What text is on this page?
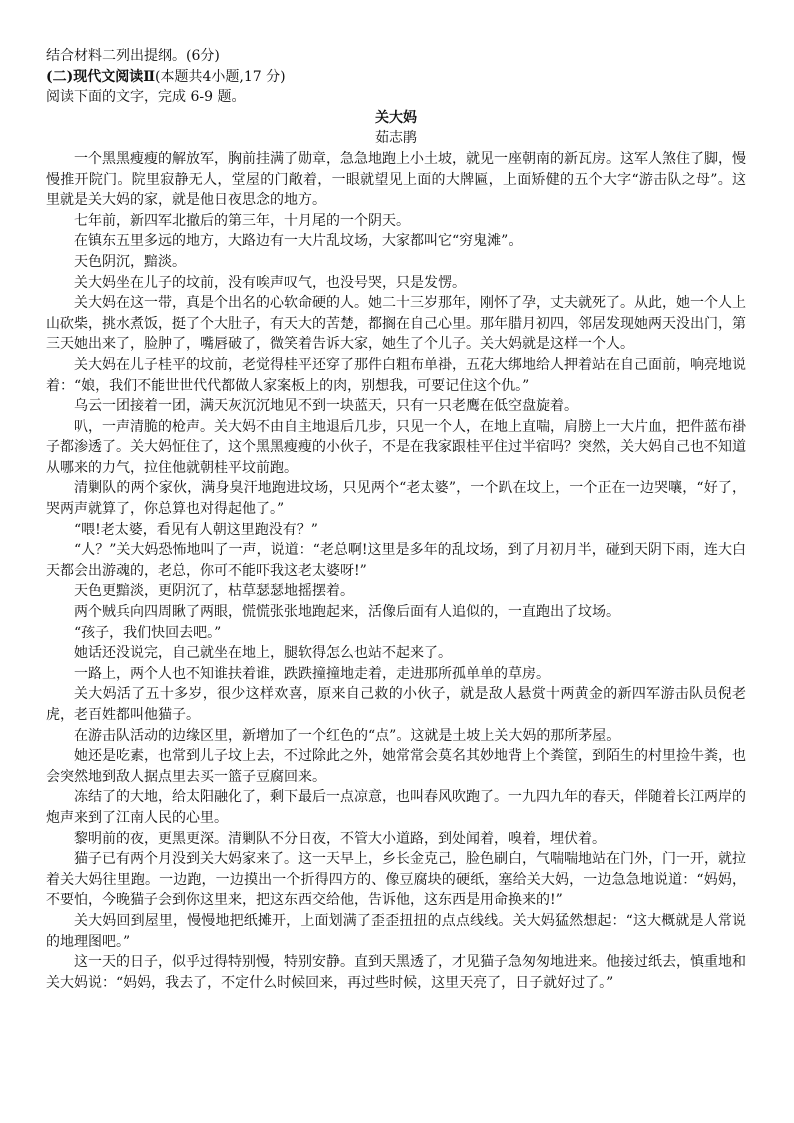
结合材料二列出提纲。(6分)

(二)现代文阅读Ⅱ(本题共4小题,17 分)

阅读下面的文字，完成 6-9 题。

关大妈

茹志鹃

一个黑黑瘦瘦的解放军，胸前挂满了勋章，急急地跑上小土坡，就见一座朝南的新瓦房。这军人煞住了脚，慢慢推开院门。院里寂静无人，堂屋的门敞着，一眼就望见上面的大牌匾，上面矫健的五个大字“游击队之母”。这里就是关大妈的家，就是他日夜思念的地方。

七年前，新四军北撤后的第三年，十月尾的一个阴天。

在镇东五里多远的地方，大路边有一大片乱坟场，大家都叫它“穷鬼滩”。

天色阴沉，黯淡。

关大妈坐在儿子的坟前，没有唉声叹气，也没号哭，只是发愣。

关大妈在这一带，真是个出名的心软命硬的人。她二十三岁那年，刚怀了孕，丈夫就死了。从此，她一个人上山砍柴，挑水煮饭，挺了个大肚子，有天大的苦楚，都搁在自己心里。那年腊月初四，邻居发现她两天没出门，第三天她出来了，脸肿了，嘴唇破了，微笑着告诉大家，她生了个儿子。关大妈就是这样一个人。

关大妈在儿子桂平的坟前，老觉得桂平还穿了那件白粗布单褂，五花大绑地给人押着站在自己面前，响亮地说着：“娘，我们不能世世代代都做人家案板上的肉，别想我，可要记住这个仇。”

乌云一团接着一团，满天灰沉沉地见不到一块蓝天，只有一只老鹰在低空盘旋着。

叭，一声清脆的枪声。关大妈不由自主地退后几步，只见一个人，在地上直喘，肩膀上一大片血，把件蓝布褂子都渗透了。关大妈怔住了，这个黑黑瘦瘦的小伙子，不是在我家跟桂平住过半宿吗？突然，关大妈自己也不知道从哪来的力气，拉住他就朝桂平坟前跑。

清剿队的两个家伙，满身臭汗地跑进坟场，只见两个“老太婆”，一个趴在坟上，一个正在一边哭嚷，“好了，哭两声就算了，你总算也对得起他了。”

“喂!老太婆，看见有人朝这里跑没有？”

“人？”关大妈恐怖地叫了一声，说道：“老总啊!这里是多年的乱坟场，到了月初月半，碰到天阴下雨，连大白天都会出游魂的，老总，你可不能吓我这老太婆呀!”

天色更黯淡，更阴沉了，枯草瑟瑟地摇摆着。

两个贼兵向四周瞅了两眼，慌慌张张地跑起来，活像后面有人追似的，一直跑出了坟场。

“孩子，我们快回去吧。”

她话还没说完，自己就坐在地上，腿软得怎么也站不起来了。

一路上，两个人也不知谁扶着谁，跌跌撞撞地走着，走进那所孤单单的草房。

关大妈活了五十多岁，很少这样欢喜，原来自己救的小伙子，就是敌人悬赏十两黄金的新四军游击队员倪老虎，老百姓都叫他猫子。

在游击队活动的边缘区里，新增加了一个红色的“点”。这就是土坡上关大妈的那所茅屋。

她还是吃素，也常到儿子坟上去，不过除此之外，她常常会莫名其妙地背上个粪筐，到陌生的村里捡牛粪，也会突然地到敌人据点里去买一篮子豆腐回来。

冻结了的大地，给太阳融化了，剩下最后一点凉意，也叫春风吹跑了。一九四九年的春天，伴随着长江两岸的炮声来到了江南人民的心里。

黎明前的夜，更黑更深。清剿队不分日夜，不管大小道路，到处闻着，嗅着，埋伏着。

猫子已有两个月没到关大妈家来了。这一天早上，乡长金克己，脸色刷白，气喘喘地站在门外，门一开，就拉着关大妈往里跑。一边跑，一边摸出一个折得四方的、像豆腐块的硬纸，塞给关大妈，一边急急地说道：“妈妈，不要怕，今晚猫子会到你这里来，把这东西交给他，告诉他，这东西是用命换来的!”

关大妈回到屋里，慢慢地把纸摊开，上面划满了歪歪扭扭的点点线线。关大妈猛然想起：“这大概就是人常说的地理图吧。”

这一天的日子，似乎过得特别慢，特别安静。直到天黑透了，才见猫子急匆匆地进来。他接过纸去，慎重地和关大妈说：“妈妈，我去了，不定什么时候回来，再过些时候，这里天亮了，日子就好过了。”
